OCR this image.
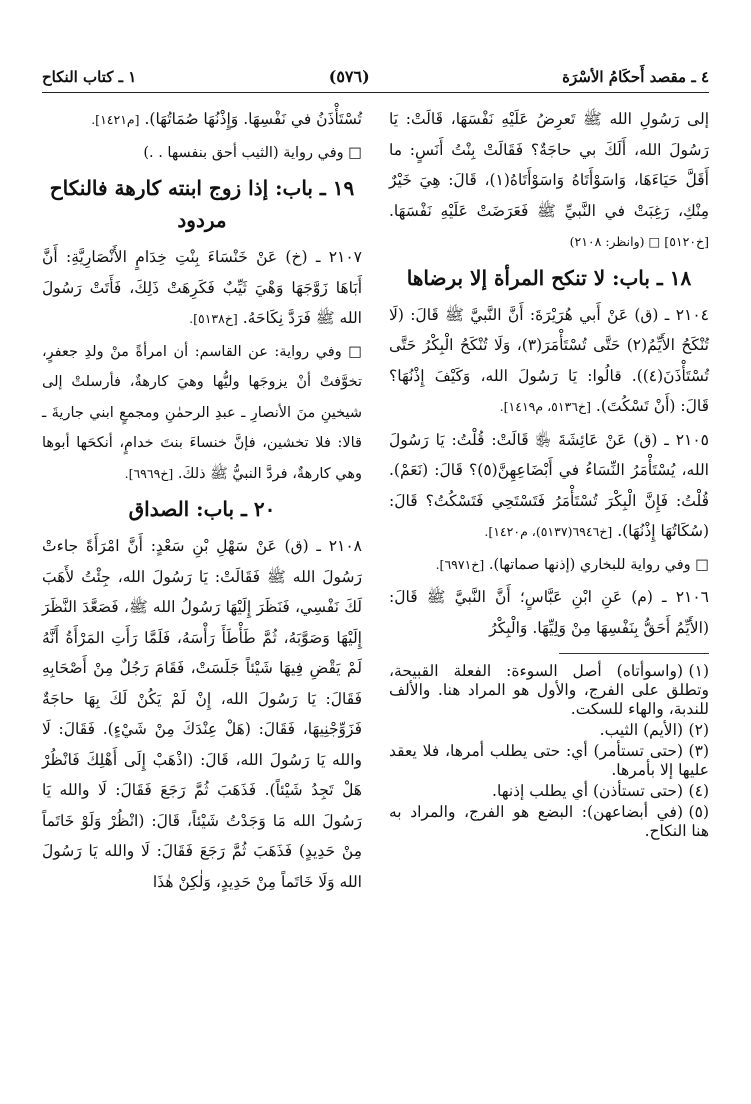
٤ ـ مقصد أَحكَامُ الأسْرَة
(٥٧٦)
١ ـ كتاب النكاح

إلى رَسُولِ الله ﷺ تَعرِضُ عَلَيْهِ نَفْسَهَا، قَالَتْ: يَا رَسُولَ الله، أَلَكَ بي حاجَةٌ؟ فَقَالَتْ بِنْتُ أَنَسٍ: ما أَقَلَّ حَيَاءَهَا، وَاسَوْأَتَاهُ وَاسَوْأَتَاهُ(١)، قَالَ: هِيَ خَيْرٌ مِنْكِ، رَغِبَتْ في النَّبيِّ ﷺ فَعَرَضَتْ عَلَيْهِ نَفْسَهَا. [خ٥١٢٠] □ (وانظر: ٢١٠٨)

١٨ ـ باب: لا تنكح المرأة إلا برضاها

٢١٠٤ ـ (ق) عَنْ أَبي هُرَيْرَةَ: أَنَّ النَّبيَّ ﷺ قَالَ: (لَا تُنْكَحُ الأَيِّمُ(٢) حَتَّى تُسْتَأْمَرَ(٣)، وَلَا تُنْكَحُ الْبِكْرُ حَتَّى تُسْتَأْذَنَ(٤)). قالُوا: يَا رَسُولَ الله، وَكَيْفَ إِذْنُهَا؟ قَالَ: (أَنْ تَسْكُتَ). [خ٥١٣٦، م١٤١٩].

٢١٠٥ ـ (ق) عَنْ عَائِشَةَ ﵂ قَالَتْ: قُلْتُ: يَا رَسُولَ الله، يُسْتَأْمَرُ النِّسَاءُ في أَبْضَاعِهِنَّ(٥)؟ قَالَ: (نَعَمْ). قُلْتُ: فَإِنَّ الْبِكْرَ تُسْتَأْمَرُ فَتَسْتَحِي فَتَسْكُتُ؟ قَالَ: (سُكَاتُهَا إِذْنُهَا). [خ٦٩٤٦(٥١٣٧)، م١٤٢٠].

□ وفي رواية للبخاري (إذنها صماتها). [خ٦٩٧١].

٢١٠٦ ـ (م) عَنِ ابْنِ عَبَّاسٍ؛ أَنَّ النَّبيَّ ﷺ قَالَ: (الأَيِّمُ أَحَقُّ بِنَفْسِهَا مِنْ وَلِيِّهَا. وَالْبِكْرُ

(١)(واسوأتاه) أصل السوءة: الفعلة القبيحة، وتطلق على الفرج، والأول هو المراد هنا. والألف للندبة، والهاء للسكت.

(٢)(الأيم) الثيب.

(٣)(حتى تستأمر) أي: حتى يطلب أمرها، فلا يعقد عليها إلا بأمرها.

(٤)(حتى تستأذن) أي يطلب إذنها.

(٥)(في أبضاعهن): البضع هو الفرج، والمراد به هنا النكاح.

تُسْتَأْذَنُ في نَفْسِهَا. وَإِذْنُهَا صُمَاتُهَا). [م١٤٢١].

□ وفي رواية (الثيب أحق بنفسها . .)

١٩ ـ باب: إذا زوج ابنته كارهة فالنكاح مردود

٢١٠٧ ـ (خ) عَنْ خَنْسَاءَ بِنْتِ خِدَامٍ الأَنْصَارِيَّةِ: أَنَّ أَبَاهَا زَوَّجَهَا وَهْيَ ثَيِّبٌ فَكَرِهَتْ ذَلِكَ، فَأَتَتْ رَسُولَ الله ﷺ فَرَدَّ نِكَاحَهُ. [خ٥١٣٨].

□ وفي رواية: عن القاسم: أن امرأةً منْ ولدِ جعفرٍ، تخوَّفتْ أنْ يزوجَها وليُّها وهيَ كارهةٌ، فأرسلتْ إلى شيخينِ منَ الأنصارِ ـ عبدِ الرحمٰنِ ومجمعٍ ابني جاريةَ ـ قالا: فلا تخشين، فإنَّ خنساءَ بنتَ خدامٍ، أنكحَها أبوها وهي كارهةٌ، فردَّ النبيُّ ﷺ ذلكَ. [خ٦٩٦٩].

٢٠ ـ باب: الصداق

٢١٠٨ ـ (ق) عَنْ سَهْلِ بْنِ سَعْدٍ: أَنَّ امْرَأَةً جاءتْ رَسُولَ الله ﷺ فَقَالَتْ: يَا رَسُولَ الله، جِئْتُ لأَهَبَ لَكَ نَفْسِي، فَنَظَرَ إِلَيْهَا رَسُولُ الله ﷺ، فَصَعَّدَ النَّظَرَ إِلَيْهَا وَصَوَّبَهُ، ثُمَّ طَأْطَأَ رَأْسَهُ، فَلَمَّا رَأَتِ المَرْأَةُ أَنَّهُ لَمْ يَقْضِ فِيهَا شَيْئاً جَلَسَتْ، فَقَامَ رَجُلٌ مِنْ أَصْحَابِهِ فَقَالَ: يَا رَسُولَ الله، إِنْ لَمْ يَكُنْ لَكَ بِهَا حاجَةٌ فَزَوِّجْنِيهَا، فَقَالَ: (هَلْ عِنْدَكَ مِنْ شَيْءٍ). فَقَالَ: لَا والله يَا رَسُولَ الله، قَالَ: (اذْهَبْ إِلَى أَهْلِكَ فَانْظُرْ هَلْ تَجِدُ شَيْئاً). فَذَهَبَ ثُمَّ رَجَعَ فَقَالَ: لَا والله يَا رَسُولَ الله مَا وَجَدْتُ شَيْئاً، قَالَ: (انْظُرْ وَلَوْ خَاتَماً مِنْ حَدِيدٍ) فَذَهَبَ ثُمَّ رَجَعَ فَقَالَ: لَا والله يَا رَسُولَ الله وَلَا خَاتَماً مِنْ حَدِيدٍ، وَلٰكِنْ هٰذَا
